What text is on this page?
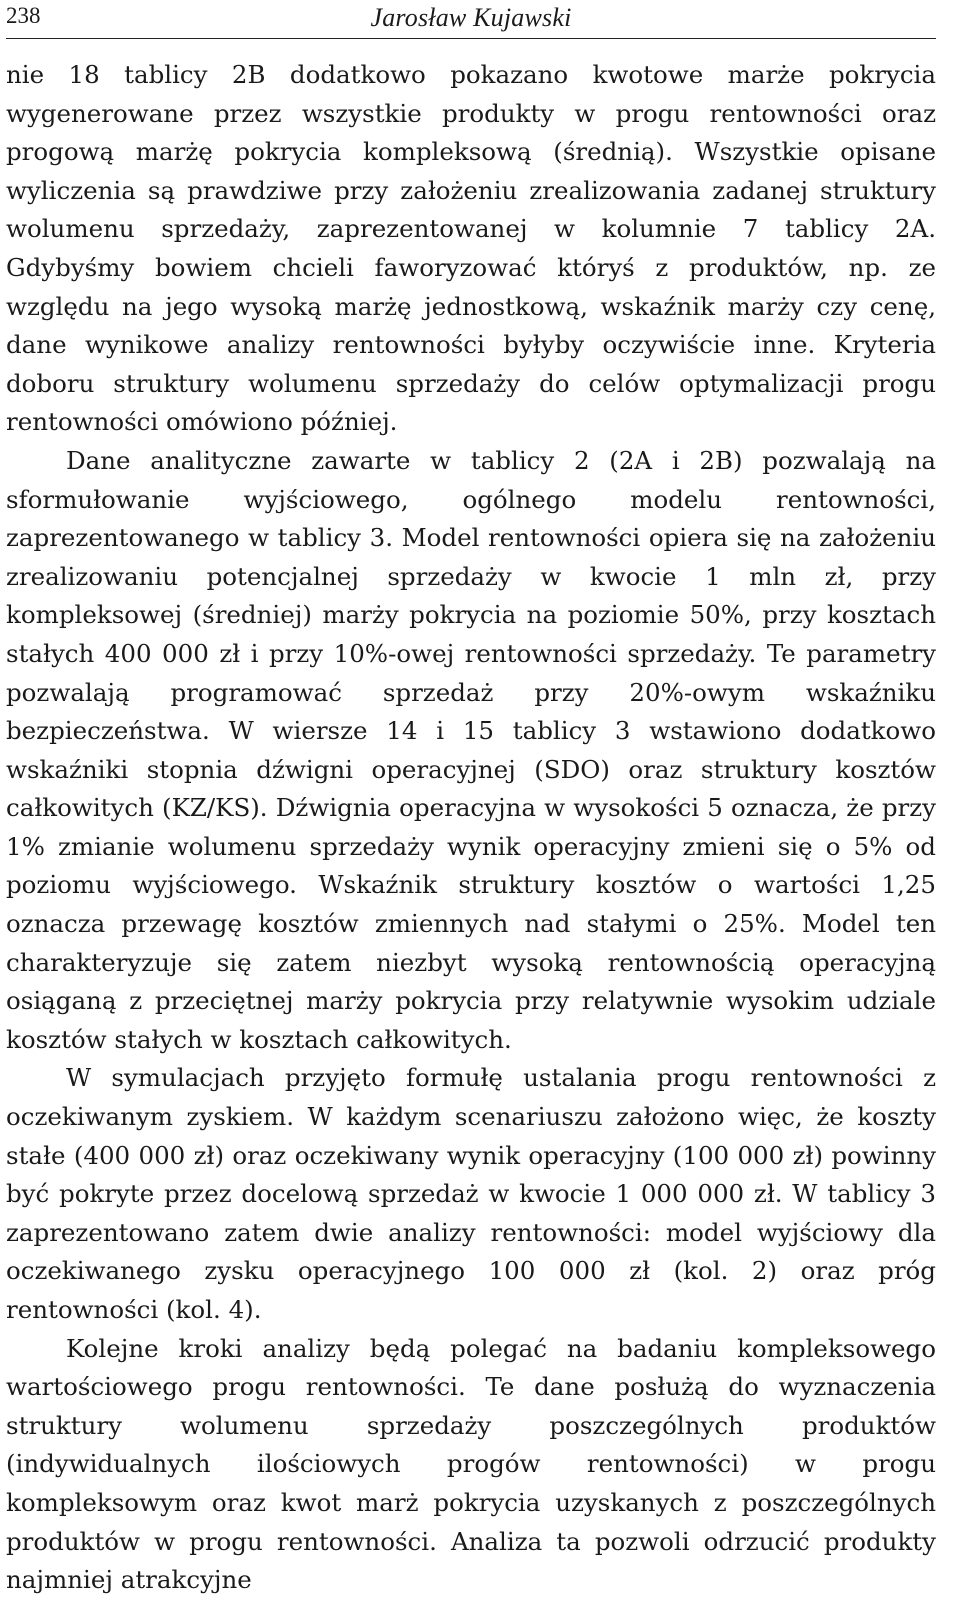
238	Jarosław Kujawski

nie 18 tablicy 2B dodatkowo pokazano kwotowe marże pokrycia wygenerowane przez wszystkie produkty w progu rentowności oraz progową marżę pokrycia kompleksową (średnią). Wszystkie opisane wyliczenia są prawdziwe przy założeniu zrealizowania zadanej struktury wolumenu sprzedaży, zaprezentowanej w kolumnie 7 tablicy 2A. Gdybyśmy bowiem chcieli faworyzować któryś z produktów, np. ze względu na jego wysoką marżę jednostkową, wskaźnik marży czy cenę, dane wynikowe analizy rentowności byłyby oczywiście inne. Kryteria doboru struktury wolumenu sprzedaży do celów optymalizacji progu rentowności omówiono później.

Dane analityczne zawarte w tablicy 2 (2A i 2B) pozwalają na sformułowanie wyjściowego, ogólnego modelu rentowności, zaprezentowanego w tablicy 3. Model rentowności opiera się na założeniu zrealizowaniu potencjalnej sprzedaży w kwocie 1 mln zł, przy kompleksowej (średniej) marży pokrycia na poziomie 50%, przy kosztach stałych 400 000 zł i przy 10%-owej rentowności sprzedaży. Te parametry pozwalają programować sprzedaż przy 20%-owym wskaźniku bezpieczeństwa. W wiersze 14 i 15 tablicy 3 wstawiono dodatkowo wskaźniki stopnia dźwigni operacyjnej (SDO) oraz struktury kosztów całkowitych (KZ/KS). Dźwignia operacyjna w wysokości 5 oznacza, że przy 1% zmianie wolumenu sprzedaży wynik operacyjny zmieni się o 5% od poziomu wyjściowego. Wskaźnik struktury kosztów o wartości 1,25 oznacza przewagę kosztów zmiennych nad stałymi o 25%. Model ten charakteryzuje się zatem niezbyt wysoką rentownością operacyjną osiąganą z przeciętnej marży pokrycia przy relatywnie wysokim udziale kosztów stałych w kosztach całkowitych.

W symulacjach przyjęto formułę ustalania progu rentowności z oczekiwanym zyskiem. W każdym scenariuszu założono więc, że koszty stałe (400 000 zł) oraz oczekiwany wynik operacyjny (100 000 zł) powinny być pokryte przez docelową sprzedaż w kwocie 1 000 000 zł. W tablicy 3 zaprezentowano zatem dwie analizy rentowności: model wyjściowy dla oczekiwanego zysku operacyjnego 100 000 zł (kol. 2) oraz próg rentowności (kol. 4).

Kolejne kroki analizy będą polegać na badaniu kompleksowego wartościowego progu rentowności. Te dane posłużą do wyznaczenia struktury wolumenu sprzedaży poszczególnych produktów (indywidualnych ilościowych progów rentowności) w progu kompleksowym oraz kwot marż pokrycia uzyskanych z poszczególnych produktów w progu rentowności. Analiza ta pozwoli odrzucić produkty najmniej atrakcyjne
